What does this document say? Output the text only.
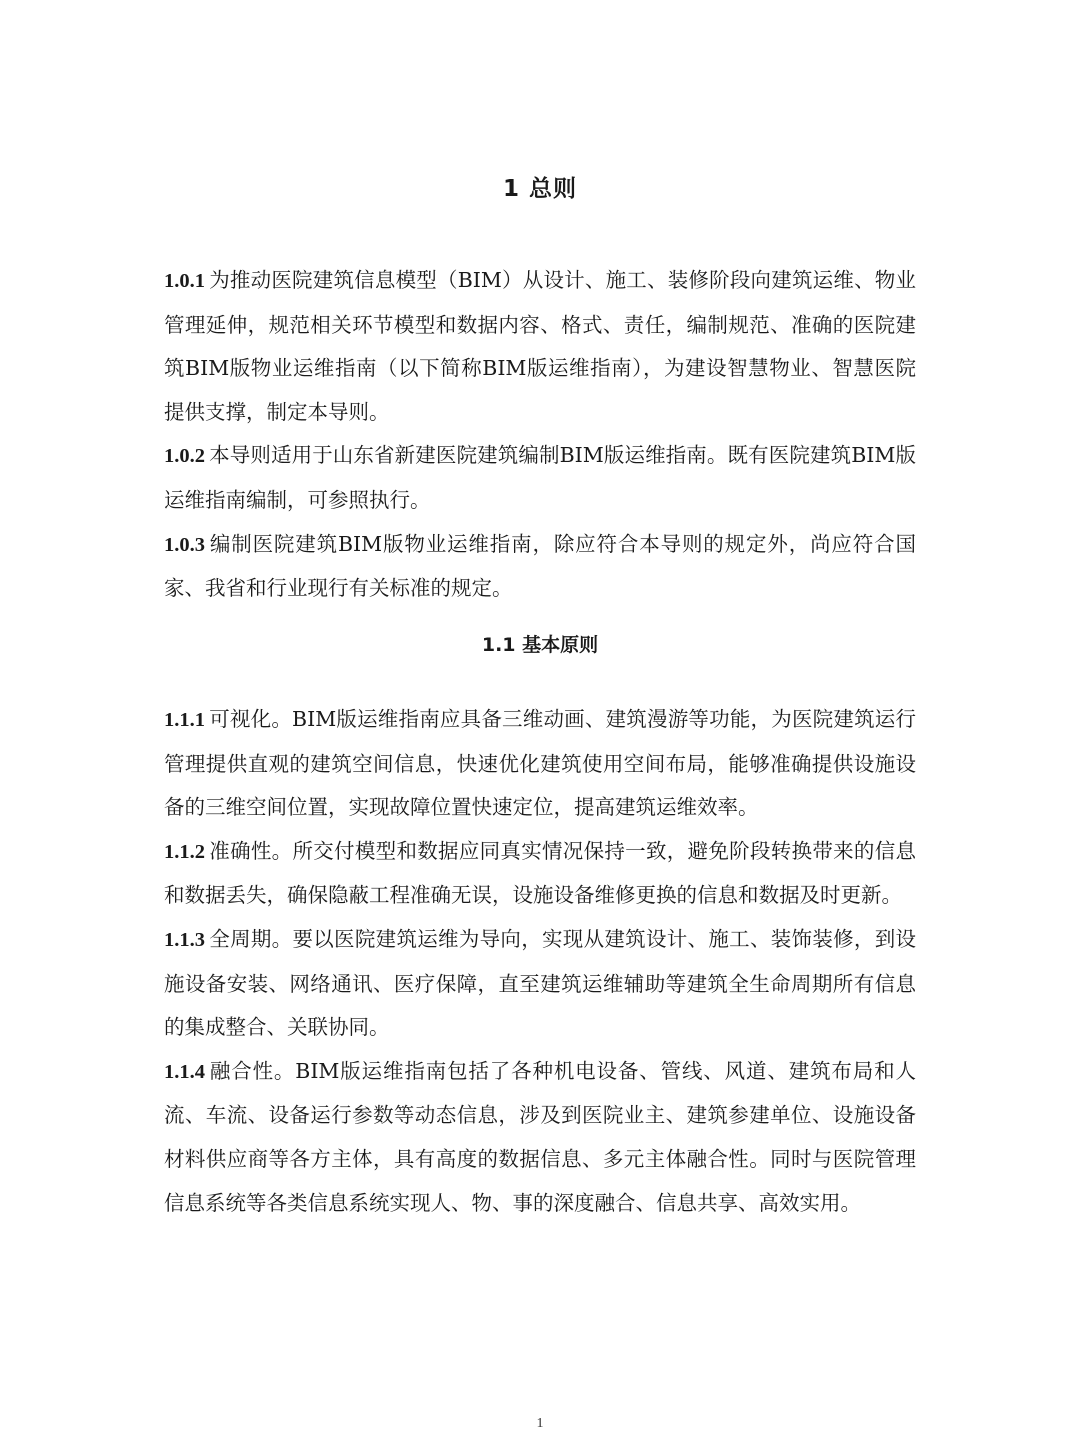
1 总则

1.0.1 为推动医院建筑信息模型（BIM）从设计、施工、装修阶段向建筑运维、物业管理延伸，规范相关环节模型和数据内容、格式、责任，编制规范、准确的医院建筑BIM版物业运维指南（以下简称BIM版运维指南），为建设智慧物业、智慧医院提供支撑，制定本导则。

1.0.2 本导则适用于山东省新建医院建筑编制BIM版运维指南。既有医院建筑BIM版运维指南编制，可参照执行。

1.0.3 编制医院建筑BIM版物业运维指南，除应符合本导则的规定外，尚应符合国家、我省和行业现行有关标准的规定。

1.1 基本原则

1.1.1 可视化。BIM版运维指南应具备三维动画、建筑漫游等功能，为医院建筑运行管理提供直观的建筑空间信息，快速优化建筑使用空间布局，能够准确提供设施设备的三维空间位置，实现故障位置快速定位，提高建筑运维效率。

1.1.2 准确性。所交付模型和数据应同真实情况保持一致，避免阶段转换带来的信息和数据丢失，确保隐蔽工程准确无误，设施设备维修更换的信息和数据及时更新。

1.1.3 全周期。要以医院建筑运维为导向，实现从建筑设计、施工、装饰装修，到设施设备安装、网络通讯、医疗保障，直至建筑运维辅助等建筑全生命周期所有信息的集成整合、关联协同。

1.1.4 融合性。BIM版运维指南包括了各种机电设备、管线、风道、建筑布局和人流、车流、设备运行参数等动态信息，涉及到医院业主、建筑参建单位、设施设备材料供应商等各方主体，具有高度的数据信息、多元主体融合性。同时与医院管理信息系统等各类信息系统实现人、物、事的深度融合、信息共享、高效实用。

1
